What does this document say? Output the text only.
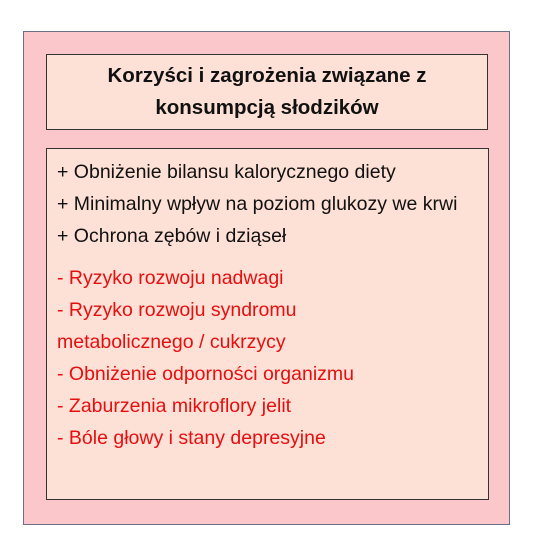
Korzyści i zagrożenia związane z konsumpcją słodzików

+ Obniżenie bilansu kalorycznego diety

+ Minimalny wpływ na poziom glukozy we krwi

+ Ochrona zębów i dziąseł

- Ryzyko rozwoju nadwagi

- Ryzyko rozwoju syndromu metabolicznego / cukrzycy

- Obniżenie odporności organizmu

- Zaburzenia mikroflory jelit

- Bóle głowy i stany depresyjne
